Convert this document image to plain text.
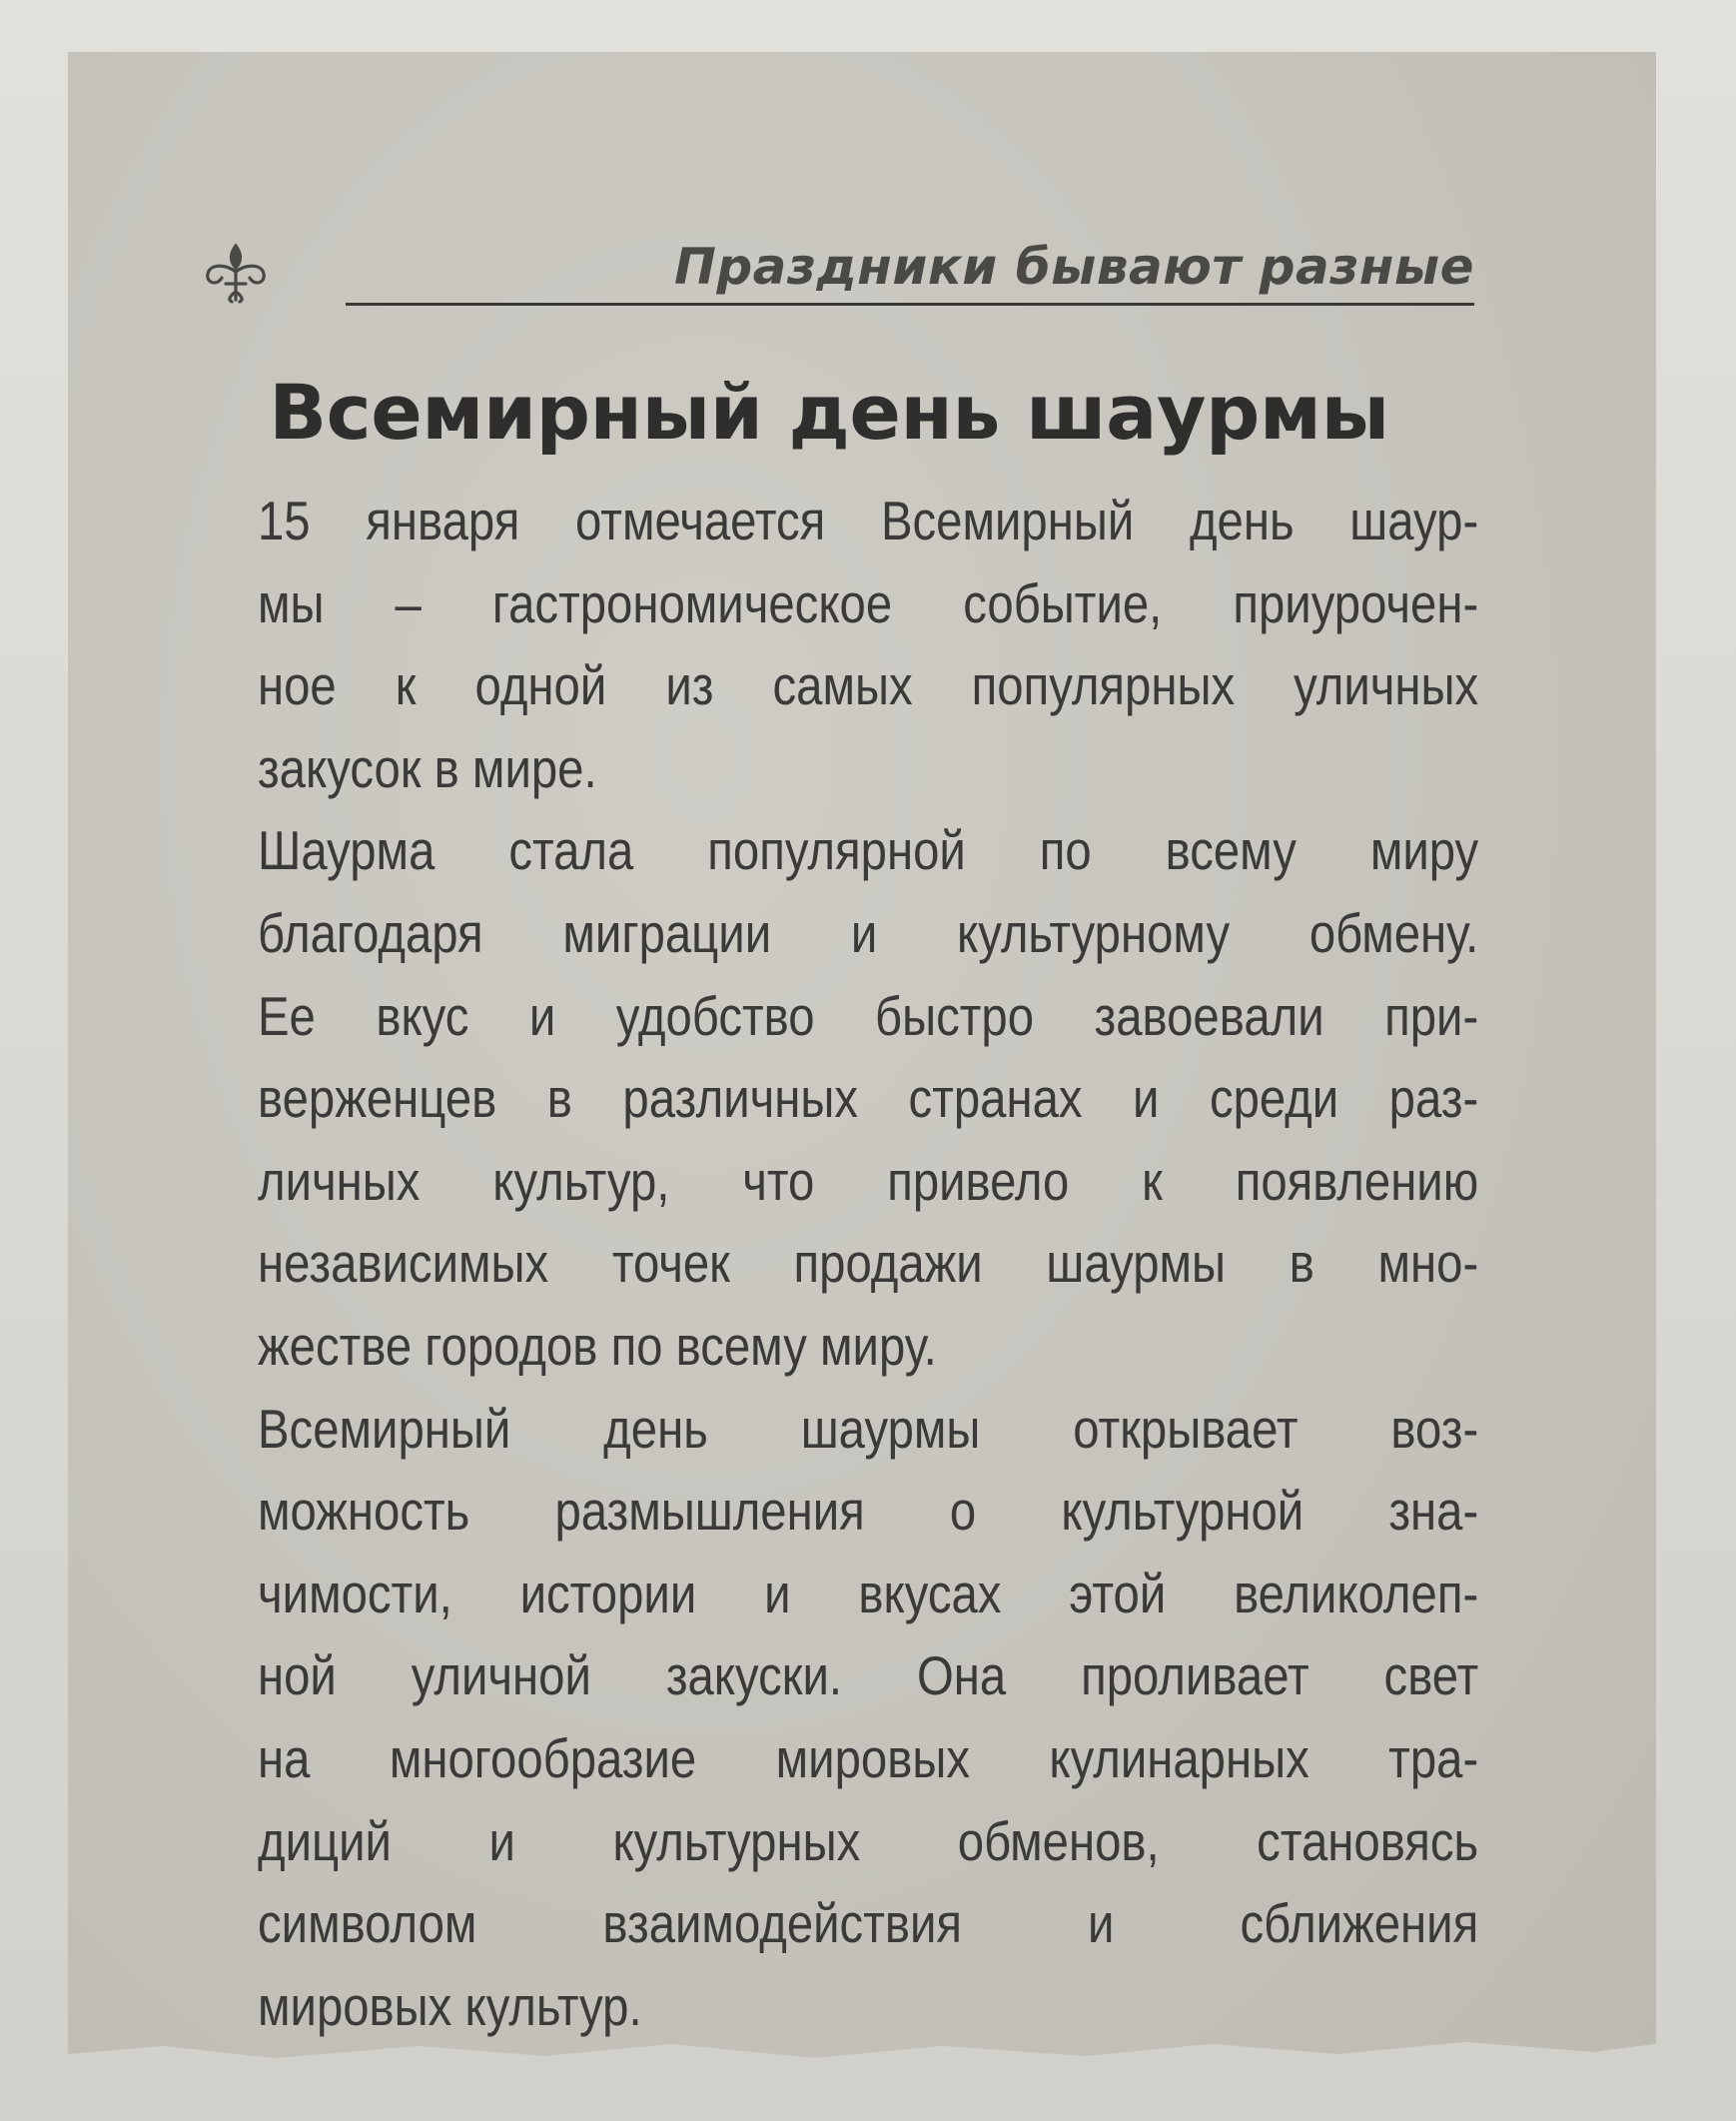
Праздники бывают разные
Всемирный день шаурмы
15 января отмечается Всемирный день шаур-
мы – гастрономическое событие, приурочен-
ное к одной из самых популярных уличных
закусок в мире.
Шаурма стала популярной по всему миру
благодаря миграции и культурному обмену.
Ее вкус и удобство быстро завоевали при-
верженцев в различных странах и среди раз-
личных культур, что привело к появлению
независимых точек продажи шаурмы в мно-
жестве городов по всему миру.
Всемирный день шаурмы открывает воз-
можность размышления о культурной зна-
чимости, истории и вкусах этой великолеп-
ной уличной закуски. Она проливает свет
на многообразие мировых кулинарных тра-
диций и культурных обменов, становясь
символом взаимодействия и сближения
мировых культур.
